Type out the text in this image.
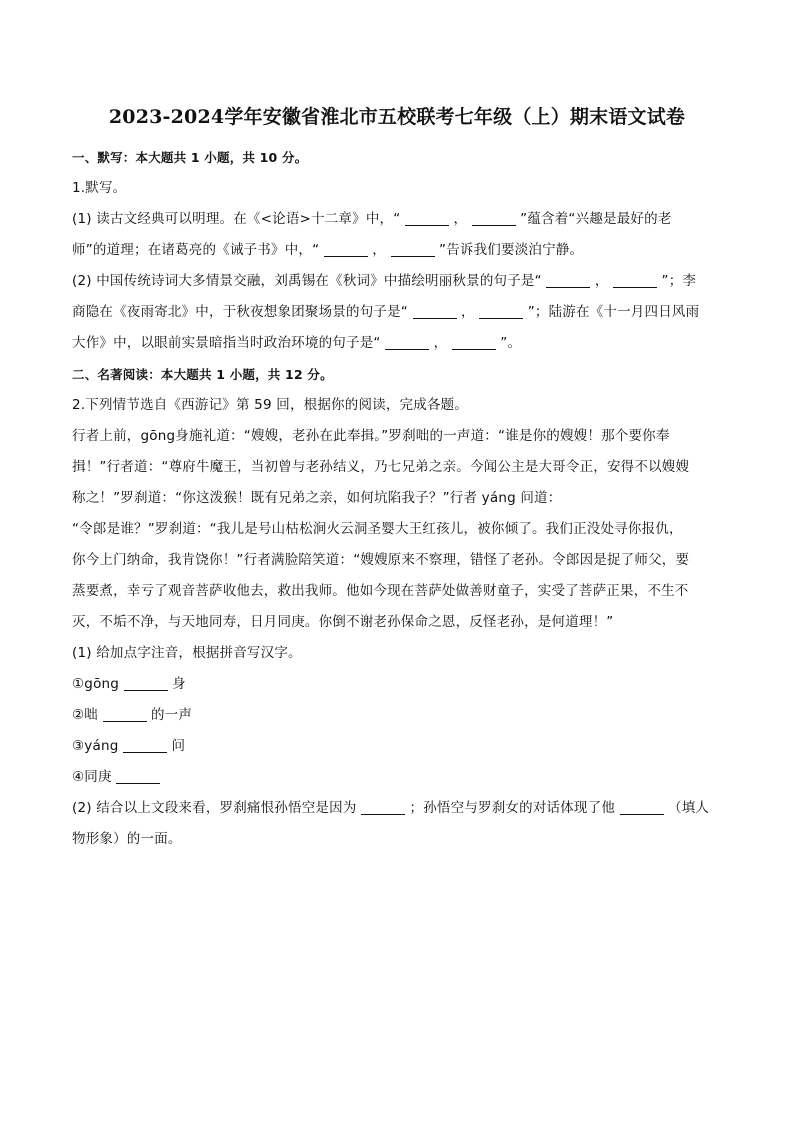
2023-2024学年安徽省淮北市五校联考七年级（上）期末语文试卷
一、默写：本大题共 1 小题，共 10 分。
1.默写。
(1) 读古文经典可以明理。在《<论语>十二章》中，“	，	”蕴含着“兴趣是最好的老
师”的道理；在诸葛亮的《诫子书》中，“	，	”告诉我们要淡泊宁静。
(2) 中国传统诗词大多情景交融，刘禹锡在《秋词》中描绘明丽秋景的句子是“	，	”；李
商隐在《夜雨寄北》中，于秋夜想象团聚场景的句子是“	，	”；陆游在《十一月四日风雨
大作》中，以眼前实景暗指当时政治环境的句子是“	，	”。
二、名著阅读：本大题共 1 小题，共 12 分。
2.下列情节选自《西游记》第 59 回，根据你的阅读，完成各题。
行者上前，gōng身施礼道：“嫂嫂，老孙在此奉揖。”罗刹咄的一声道：“谁是你的嫂嫂！那个要你奉
揖！”行者道：“尊府牛魔王，当初曾与老孙结义，乃七兄弟之亲。今闻公主是大哥令正，安得不以嫂嫂
称之！”罗刹道：“你这泼猴！既有兄弟之亲，如何坑陷我子？”行者 yáng 问道：
“令郎是谁？”罗刹道：“我儿是号山枯松涧火云洞圣婴大王红孩儿，被你倾了。我们正没处寻你报仇，
你今上门纳命，我肯饶你！”行者满脸陪笑道：“嫂嫂原来不察理，错怪了老孙。令郎因是捉了师父，要
蒸要煮，幸亏了观音菩萨收他去，救出我师。他如今现在菩萨处做善财童子，实受了菩萨正果，不生不
灭，不垢不净，与天地同寿，日月同庚。你倒不谢老孙保命之恩，反怪老孙，是何道理！”
(1) 给加点字注音，根据拼音写汉字。
①gōng	身
②咄	的一声
③yáng	问
④同庚
(2) 结合以上文段来看，罗刹痛恨孙悟空是因为	；孙悟空与罗刹女的对话体现了他	（填人
物形象）的一面。
